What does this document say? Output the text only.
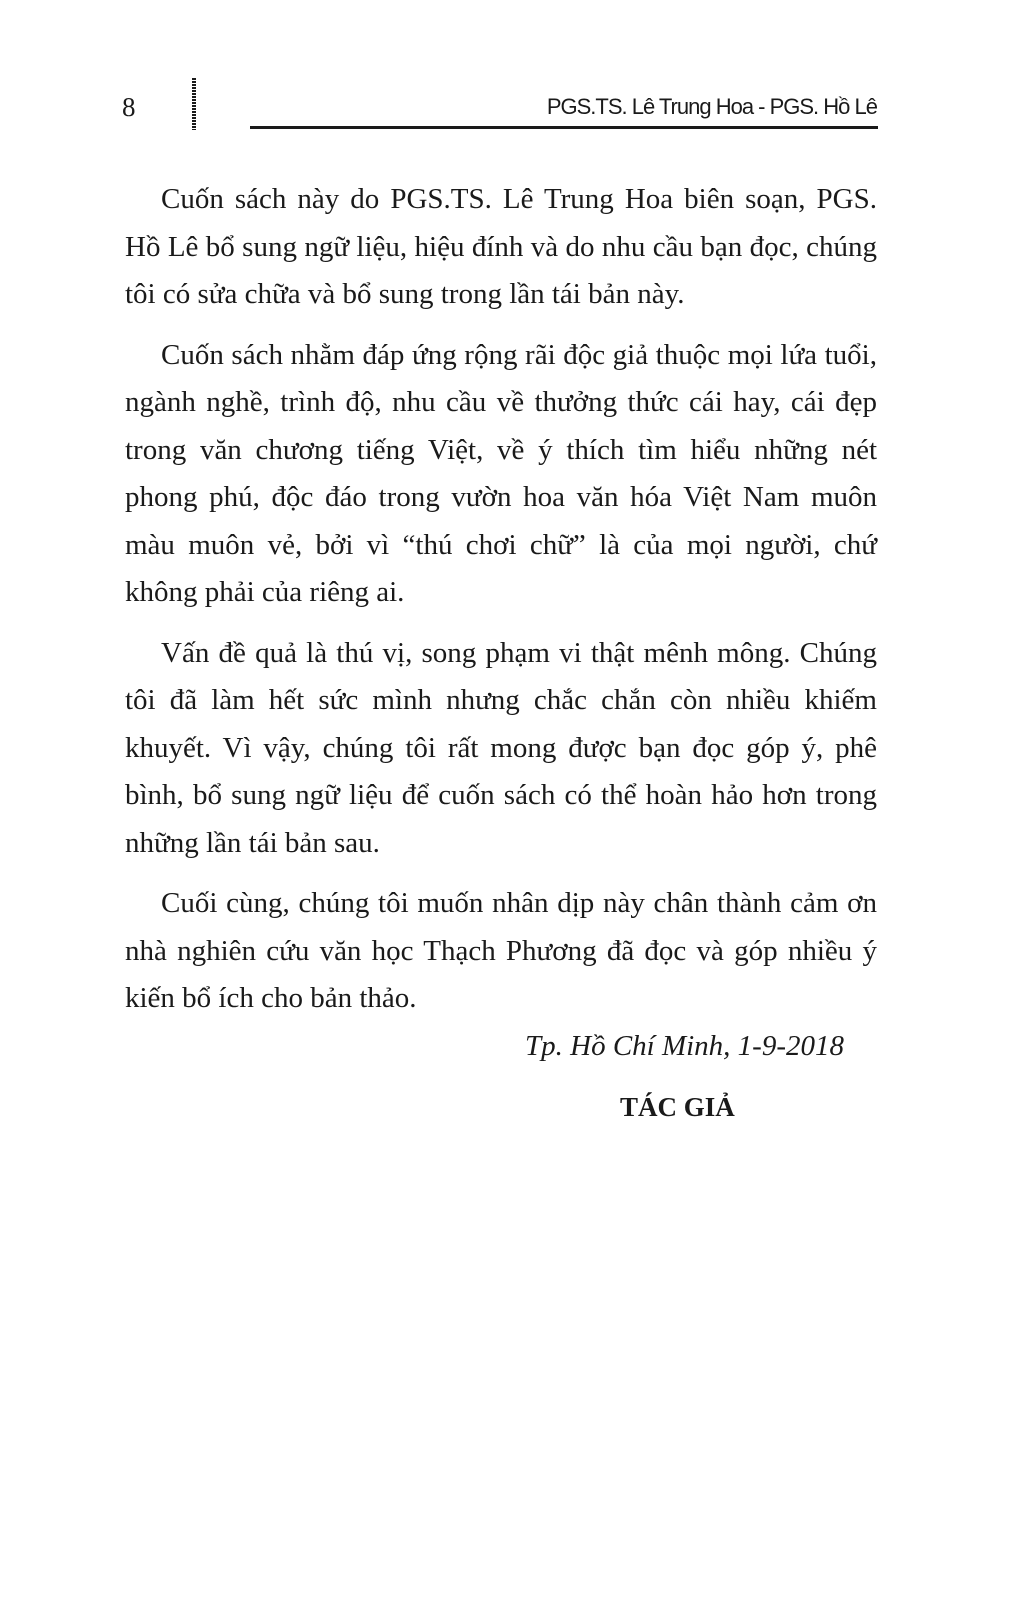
8	PGS.TS. Lê Trung Hoa - PGS. Hồ Lê

Cuốn sách này do PGS.TS. Lê Trung Hoa biên soạn, PGS. Hồ Lê bổ sung ngữ liệu, hiệu đính và do nhu cầu bạn đọc, chúng tôi có sửa chữa và bổ sung trong lần tái bản này.

Cuốn sách nhằm đáp ứng rộng rãi độc giả thuộc mọi lứa tuổi, ngành nghề, trình độ, nhu cầu về thưởng thức cái hay, cái đẹp trong văn chương tiếng Việt, về ý thích tìm hiểu những nét phong phú, độc đáo trong vườn hoa văn hóa Việt Nam muôn màu muôn vẻ, bởi vì “thú chơi chữ” là của mọi người, chứ không phải của riêng ai.

Vấn đề quả là thú vị, song phạm vi thật mênh mông. Chúng tôi đã làm hết sức mình nhưng chắc chắn còn nhiều khiếm khuyết. Vì vậy, chúng tôi rất mong được bạn đọc góp ý, phê bình, bổ sung ngữ liệu để cuốn sách có thể hoàn hảo hơn trong những lần tái bản sau.

Cuối cùng, chúng tôi muốn nhân dịp này chân thành cảm ơn nhà nghiên cứu văn học Thạch Phương đã đọc và góp nhiều ý kiến bổ ích cho bản thảo.

Tp. Hồ Chí Minh, 1-9-2018
TÁC GIẢ
